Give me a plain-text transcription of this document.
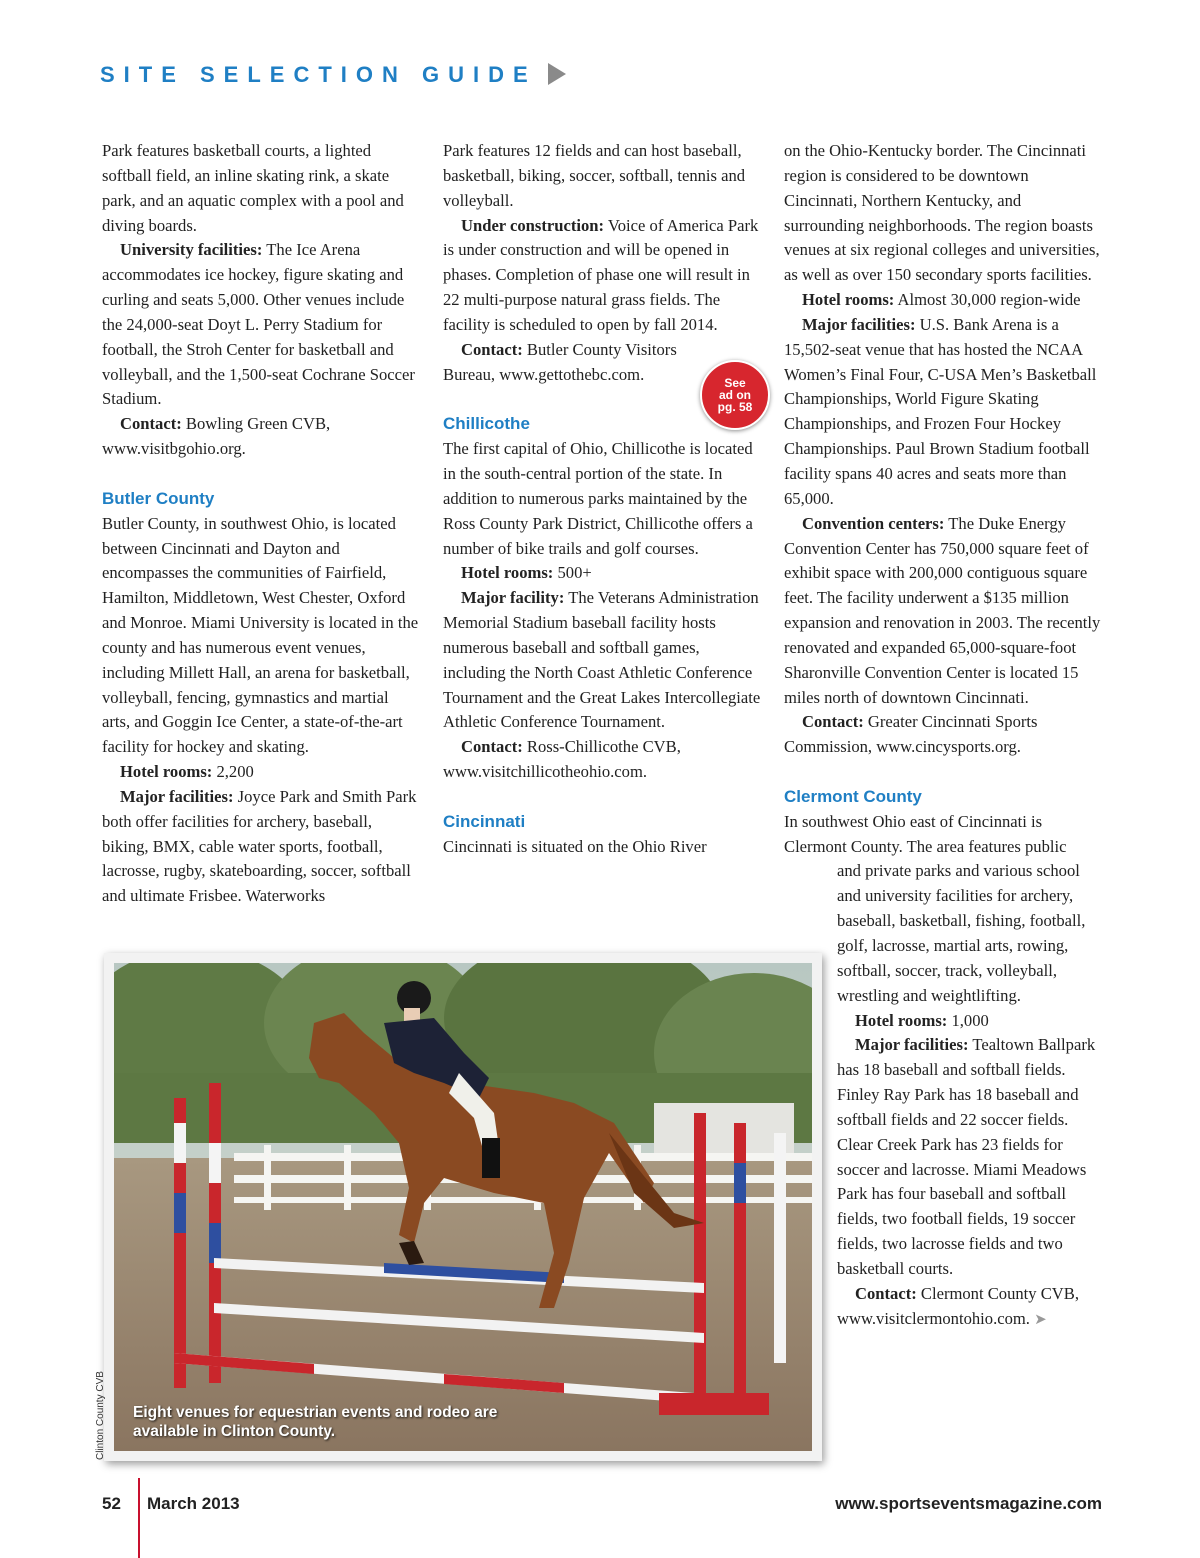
SITE SELECTION GUIDE

Park features basketball courts, a lighted softball field, an inline skating rink, a skate park, and an aquatic complex with a pool and diving boards.

University facilities: The Ice Arena accommodates ice hockey, figure skating and curling and seats 5,000. Other venues include the 24,000-seat Doyt L. Perry Stadium for football, the Stroh Center for basketball and volleyball, and the 1,500-seat Cochrane Soccer Stadium.

Contact: Bowling Green CVB, www.visitbgohio.org.

Butler County

Butler County, in southwest Ohio, is located between Cincinnati and Dayton and encompasses the communities of Fairfield, Hamilton, Middletown, West Chester, Oxford and Monroe. Miami University is located in the county and has numerous event venues, including Millett Hall, an arena for basketball, volleyball, fencing, gymnastics and martial arts, and Goggin Ice Center, a state-of-the-art facility for hockey and skating.

Hotel rooms: 2,200

Major facilities: Joyce Park and Smith Park both offer facilities for archery, baseball, biking, BMX, cable water sports, football, lacrosse, rugby, skateboarding, soccer, softball and ultimate Frisbee. Waterworks

Park features 12 fields and can host baseball, basketball, biking, soccer, softball, tennis and volleyball.

Under construction: Voice of America Park is under construction and will be opened in phases. Completion of phase one will result in 22 multi-purpose natural grass fields. The facility is scheduled to open by fall 2014.

Contact: Butler County Visitors
Bureau, www.gettothebc.com.

Chillicothe

The first capital of Ohio, Chillicothe is located in the south-central portion of the state. In addition to numerous parks maintained by the Ross County Park District, Chillicothe offers a number of bike trails and golf courses.

Hotel rooms: 500+

Major facility: The Veterans Administration Memorial Stadium baseball facility hosts numerous baseball and softball games, including the North Coast Athletic Conference Tournament and the Great Lakes Intercollegiate Athletic Conference Tournament.

Contact: Ross-Chillicothe CVB, www.visitchillicotheohio.com.

Cincinnati

Cincinnati is situated on the Ohio River

See
ad on
pg. 58

on the Ohio-Kentucky border. The Cincinnati region is considered to be downtown Cincinnati, Northern Kentucky, and surrounding neighborhoods. The region boasts venues at six regional colleges and universities, as well as over 150 secondary sports facilities.

Hotel rooms: Almost 30,000 region-wide

Major facilities: U.S. Bank Arena is a 15,502-seat venue that has hosted the NCAA Women’s Final Four, C-USA Men’s Basketball Championships, World Figure Skating Championships, and Frozen Four Hockey Championships. Paul Brown Stadium football facility spans 40 acres and seats more than 65,000.

Convention centers: The Duke Energy Convention Center has 750,000 square feet of exhibit space with 200,000 contiguous square feet. The facility underwent a $135 million expansion and renovation in 2003. The recently renovated and expanded 65,000-square-foot Sharonville Convention Center is located 15 miles north of downtown Cincinnati.

Contact: Greater Cincinnati Sports Commission, www.cincysports.org.

Clermont County

In southwest Ohio east of Cincinnati is Clermont County. The area features public

and private parks and various school and university facilities for archery, baseball, basketball, fishing, football, golf, lacrosse, martial arts, rowing, softball, soccer, track, volleyball, wrestling and weightlifting.

Hotel rooms: 1,000

Major facilities: Tealtown Ballpark has 18 baseball and softball fields. Finley Ray Park has 18 baseball and softball fields and 22 soccer fields. Clear Creek Park has 23 fields for soccer and lacrosse. Miami Meadows Park has four baseball and softball fields, two football fields, 19 soccer fields, two lacrosse fields and two basketball courts.

Contact: Clermont County CVB, www.visitclermontohio.com. ➤

Eight venues for equestrian events and rodeo are available in Clinton County.
Clinton County CVB
52 March 2013	www.sportseventsmagazine.com
